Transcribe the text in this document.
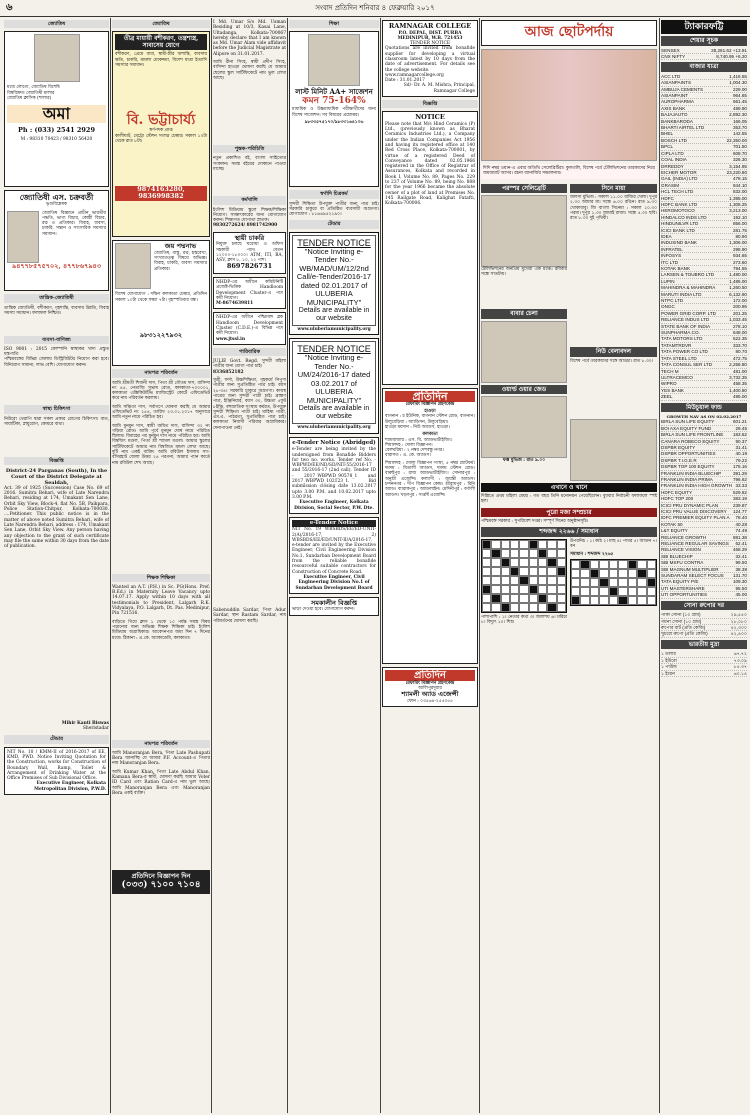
৬	সংবাদ প্রতিদিন শনিবার ৪ ফেব্রুয়ারি ২০১৭
জ্যোতিষ
মধ্যে লোগো, জ্যোতিষ বিশেষি
বিশ্ববিশ্রুত জ্যোতিষী মালার
জ্যোতিষ ক্লাসিক (শালার)
অমা
Ph : (033) 2541 2929
M : 98310 70423 / 98310 56420
জ্যোতিষী এস. চক্রবর্তী
ভৃগুবিশ্লেষক

জ্যোতিষ বিজ্ঞানে প্রাচীন ভারতীয় পদ্ধতি, ভাগ্য বিচার, কোষ্ঠী বিচার, রত্ন ও প্রতিকার। বিবাহ, ব্যবসা, চাকরি, সন্তান ও সাংসারিক সমস্যার সমাধান।

৯৪৭৭৮৫৭৫৭০২, ৪৭৭৮৬৭৯৪৩
তান্ত্রিক-জ্যোতিষী

তান্ত্রিক জ্যোতিষী, বশীকরণ, গৃহশান্তি, ব্যবসায় উন্নতি, বিবাহ সমস্যা সমাধান। ফলাফল নিশ্চিত।

ব্যবসা-বাণিজ্য

ISO 9001 : 2015 কোম্পানি স্বাস্থ্যকর খাদ্য প্রস্তুত যন্ত্রপাতি

পশ্চিমবঙ্গের বিভিন্ন জেলায় ডিস্ট্রিবিউটর নিয়োগ করা হবে। বিনিয়োগ সামান্য, লাভ বেশি। যোগাযোগ করুন।

স্বাস্থ্য চিকিৎসা

নিউরো থেরাপি দ্বারা সকল প্রকার রোগের চিকিৎসা। বাত, সায়াটিকা, স্নায়ুরোগ, কোমরে ব্যথা।

বিজ্ঞপ্তি
District-24 Parganas (South), In the Court of the District Delegate at Sealdah,

Act. 39 of 1925 (Succession) Case No. 69 of 2016. Sumitra Behari, wife of Late Narendra Behari, residing at 174, Umakant Sen Lane, Orbit Sky View, Block-4, flat No. 5B, Paikpara, Police Station-Chitpur, Kolkata-700030. ....Petitioner. This public notice is in the matter of above noted Sumitra Behari, wife of Late Narendra Behari, address : 174, Umakant Sen Lane, Orbit Sky View. Any person having any objection to the grant of such certificate may file the same within 30 days from the date of publication.

Mihir Kanti Biswas
Sheristadar
টেন্ডার

NIT No. 10 / KMM-II of 2016-2017 of EE, KMD, PWD. Notice Inviting Quotation for the Construction, works for Construction of Boundary Wall, Ramp, Toilet & Arrangement of Drinking Water at the Office Premises of Sub Divisional Office.

Executive Engineer, Kolkata Metropolitan Division, P.W.D.
জ্যোতিষ
তীব্র মায়ায়ী বশীকরণ, তন্ত্রশাস্ত্র, সাবাসেয় যোগে

বশীকরণ, প্রেমে বাধা, স্বামী-স্ত্রীর অশান্তি, ব্যবসায় ক্ষতি, চাকরি, মামলা মোকদ্দমা, বিদেশ যাত্রা ইত্যাদি সমস্যার সমাধান।

বি. ভট্টাচার্য্য
স্বর্ণপদক প্রাপ্ত

কালীঘাট, মেট্রো স্টেশন সংলগ্ন চেম্বার। সকাল ১০টা থেকে রাত ৮টা।

9874163280, 9836998382
জয় পদ্মনাভ

জ্যোতিষ, বাস্তু, রত্ন, হস্তরেখা, সংখ্যাতত্ত্ব বিষয়ে অভিজ্ঞ। বিবাহ, চাকরি, ব্যবসা সমস্যার প্রতিকার।

বিশেষ যোগাযোগ : দক্ষিণ কলকাতা চেম্বার, প্রতিদিন সকাল ১০টা থেকে সন্ধ্যা ৭টা। বৃহস্পতিবার বন্ধ।

৯৮৩১২২৭৯৩২
নামপত্র পরিবর্তন

আমি শ্রীমতী শিবানী দাস, পিতা শ্রী গৌতম দাস, বাসিন্দা নং ৪৫, নেতাজি সুভাষ রোড, কলকাতা-৭০০০০১, কলকাতা এক্সিকিউটিভ ম্যাজিস্ট্রেট কোর্টে এফিডেভিট করে নাম পরিবর্তন করলাম।

আমি সঞ্চিতা দাস, সর্বাগণে ঘোষণা করছি যে আমার এফিডেভিট নং ২৫৪, তারিখ ২৩.০১.২০১৭ অনুসারে আমি নতুন নামে পরিচিত হব।

আমি মুনমুন দাস, স্বামী অমিত দাস, বাসিন্দা ৩২ নং গড়িয়া রোড। আমি পূর্বে মুনমুন ঘোষ নামে পরিচিত ছিলাম। বিবাহের পর মুনমুন দাস নামে পরিচিত হব। আমি বিশ্বজিৎ মণ্ডল, পিতা শ্রী শ্যামল মণ্ডল। আমার স্কুলের সার্টিফিকেটে আমার নাম বিশ্বজিত মন্ডল লেখা আছে। দুটি নাম একই ব্যক্তি। আমি রবিউল ইসলাম সাং- বসিরহাট জেলা উত্তর ২৪ পরগনা, আমার প্যান কার্ডে নাম রবিউল শেখ আছে।

শিক্ষক শিক্ষিকা

Wanted an A.T. (P.H.) in Sc. PG(Hons. Pref. B.Ed.) in Maternity Leave Vacancy upto 14.07.17. Apply within 10 days with all testimonials to President, Lalgarh R.K. Vidyalaya, P.O. Lalgarh, Dt. Pas. Medinipur, Pin 721516.

বাড়িতে গিয়ে ক্লাস ১ থেকে ১০ পর্যন্ত সমস্ত বিষয় পড়ানোর জন্য অভিজ্ঞ শিক্ষক শিক্ষিকা চাই। ইংলিশ মিডিয়াম অগ্রাধিকার। আবেদনপত্র জমা দিন ৭ দিনের মধ্যে। ঠিকানা : এ.কে. অ্যাকাডেমি, কলকাতা।

নামপত্র পরিবর্তন

আমি Manoranjan Bera, পিতা Late Pashupati Bera জানাচ্ছি যে আমার P.F. Account-এ পিতার নাম Manoranjan Bera.

আমি Kumar Khan, পিতা Late Abdul Khan, Kamana Bera-র স্বামী, ঘোষণা করছি আমার Voter ID Card এবং Ration Card-এ নাম ভুল আছে। আমি Manoranjan Bera এবং Manoranjan Bera একই ব্যক্তি।

প্রতিদিনে বিজ্ঞাপন দিন
(০৩৩) ৭১০০ ৭১০৪

I Md. Umar S/o Md. Usman Residing at 10/3, Kasai Lane, Ultadanga, Kolkata-700067 hereby declare that I am known as Md. Umar Alam vide affidavit before the Judicial Magistrate at Alipore on 31.01.2017.

আমি রীনা সিংহ, স্বামী প্রদীপ সিংহ, বাসিন্দা হাওড়া ঘোষণা করছি যে আমার ছেলের স্কুল সার্টিফিকেটে নাম ভুল লেখা আছে।

পুস্তক-পরিচিতি

নতুন প্রকাশিত বই, বাংলা সাহিত্যের সংকলন। সমস্ত বইয়ের দোকানে পাওয়া যাচ্ছে।

কর্মখালি

ইংলিশ মিডিয়াম স্কুলে শিক্ষক/শিক্ষিকা নিয়োগ। সাক্ষাৎকারের জন্য যোগাযোগ করুন। শিক্ষাগত যোগ্যতা স্নাতক।

9830272624/ 8981742900
স্থায়ী চাকরি

নিযুক্ত চলছে ঘরোয়া ও অফিস সহকারী পদে। বেতন ১২০০০-১৮০০০। ATM, ITI, BA, ASV, ক্লাস ৮, ১০, ১২ পাশ।

8697826731

NHDP-এর অধীনে কমিউনিটি প্রজেক্ট-ভিত্তিক Handloom Development Cluster-এ পদে কর্মী নিয়োগ।

M-8674639811

NHDP-এর অধীনে পশ্চিমবঙ্গ ব্লক Handloom Development Cluster (C.D.E.)-এ বিভিন্ন পদে কর্মী নিয়োগ।

www.jtssl.in
পারিবারিক

JULIE Govt. Regd. সুন্দরী মহিলা পাত্রীর জন্য যোগ্য পাত্র চাই।

8336852182

সুশ্রী, ফর্সা, উচ্চশিক্ষিতা, গৃহকর্মে নিপুণা পাত্রীর জন্য সুপ্রতিষ্ঠিত পাত্র চাই। বয়স ২৮-৩৪। সরকারি চাকুরে অগ্রগণ্য। কায়স্থ পাত্রের জন্য সুন্দরী পাত্রী চাই। ব্রাহ্মণ পাত্র, ইঞ্জিনিয়ার, বয়স ৩০, উচ্চতা ৫ফুট ৮ইঞ্চি, বহুজাতিক সংস্থায় কর্মরত, উপযুক্ত সুন্দরী শিক্ষিতা পাত্রী চাই। মাহিষ্য পাত্রী, এম.এ. পাঠরতা, সুপ্রতিষ্ঠিত পাত্র চাই। কলকাতা নিবাসী পরিবার অগ্রাধিকার। দেনাপাওনা নেই।

Sabenuddin Sardar, পিতা Adur Sardar, স্থান Rastam Sardar, নাম পরিবর্তনের ঘোষণা করছি।

শিক্ষা
লাস্ট মিনিট AA+ সাজেশন
কমন 75-164%

মাধ্যমিক ও উচ্চমাধ্যমিক পরীক্ষার্থীদের জন্য বিশেষ সাজেশন। সব বিষয়ের প্রশ্নোত্তর।

৯৮৩৩৫৭৫১৭০/৯৮৩৩১৬৪১০৬
স্বর্ণাদি চিত্রকর্ম

সুন্দরী শিক্ষিতা উপযুক্ত পাত্রীর জন্য পাত্র চাই। সরকারি চাকুরে বা প্রতিষ্ঠিত ব্যবসায়ী অগ্রগণ্য। যোগাযোগ : ৮১৬৬৯৫২১৯০।

টেন্ডার
TENDER NOTICE
"Notice Inviting e-Tender No.- WB/MAD/UM/12/2nd Call/e-Tender/2016-17 dated 02.01.2017 of ULUBERIA MUNICIPALITY"
Details are available in our website
www.uluberiamunicipality.org
TENDER NOTICE
"Notice Inviting e-Tender No.- UM/24/2016-17 dated 03.02.2017 of ULUBERIA MUNICIPALITY"
Details are available in our website
www.uluberiamunicipality.org
e-Tender Notice (Abridged)

e-Tender are being invited by the undersigned from Bonafide Bidders for two no. works. Tender ref No. - WBPWD/EE/ND/SD/NIT-55/2016-17 and 55/2016-17 (2nd call). Tender ID - 2017_WBPWD_90578_1 and 2017_WBPWD_102123_1. Bid submission closing date 13.02.2017 upto 3.00 P.M. and 10.02.2017 upto 3.00 P.M.

Executive Engineer, Kolkata Division, Social Sector, P.W. Dte.
e-Tender Notice

NIT No. 19 WBSBDS/EE/ED-UNIT-2(A)/2016-17, 2) WBSBDS/EE/ED/UNIT-II/A/2016-17. e-tender are invited by the Executive Engineer, Civil Engineering Division No.1, Sundarban Development Board from the reliable bonafide resourceful suitable contractors for Construction of Concrete Road.

Executive Engineer, Civil Engineering Division No.1 of Sundarban Development Board
সমকালীন বিজ্ঞপ্তি

ভাড়া দেওয়া হবে। যোগাযোগ করুন।

RAMNAGAR COLLEGE
P.O. DEPAL, DIST. PURBA MEDINIPUR, W.B. 721453
TENDER NOTICE

Quotations are invited from bonafide supplier for developing a virtual classroom latest by 10 days from the date of advertisement. For details see the college website.

www.ramnagarcollege.org
Date : 31.01.2017
Sd/- Dr. A. M. Mishra, Principal, Ramnagar College
বিজ্ঞপ্তি
NOTICE

Please note that M/s Hind Ceramics (P) Ltd., (previously known as Bharat Ceramics Industries Ltd.), a Company under the Indian Companies Act 1956 and having its registered office at 140 Red Cross Place, Kolkata-700001, by virtue of a registered Deed of Conveyance dated 02.05.1966 registered in the Office of Registrar of Assurances, Kolkata and recorded in Book I, Volume No. 89, Pages No. 229 to 237 of Volume No. 89, being No. 888 for the year 1966 became the absolute owner of a plot of land at Premises No. 145 Railgate Road, Kalighat Fatafti, Kolkata-700006.

প্রতিদিন
রেফারিং বিজ্ঞাপন গ্রহণকেন্দ্র
হাওড়া
বাগনান : চ ইউনিক, বাগনান স্টেশন রোড, বাগনান।
উলুবেড়িয়া : অ্যাডিসন, উলুবেড়িয়া।
হাওড়া ময়দান : নিউ অ্যাডস, হাওড়া।
কলকাতা
শ্যামবাজার : এস. বি. অ্যাডভার্টাইজিং।
শিয়ালদহ : দোলা বিজ্ঞাপন।
বেলঘরিয়া : ২ নম্বর দেশবন্ধু নগর।
বারাসত : এ. কে. অ্যাডস।

শিয়ালদহ : দোলা বিজ্ঞাপন সংস্থা, ৫ নম্বর প্ল্যাটফর্ম। দমদম : মিতালী অ্যাডস, দমদম স্টেশন রোড। বারুইপুর : রাজ অ্যাডভার্টাইজিং। সোনারপুর : অনুশ্রী এজেন্সি। কল্যাণী : জয়ন্তী অ্যাডস। চন্দননগর : দীপ বিজ্ঞাপন কেন্দ্র। শ্রীরামপুর : রিনি অ্যাড। ব্যারাকপুর : অ্যাডলাইন। মেদিনীপুর : বর্ণালী অ্যাডস। খড়্গপুর : সপ্তর্ষি এজেন্সি।

প্রতিদিন
রেফারিং বিজ্ঞাপন গ্রহণকেন্দ্র
আলিপুরদুয়ার
শ্যামলী অ্যাড এজেন্সী
ফোন : ০৩৫৬৪-২৫৫০৫৫
আজ ছোটপর্দায়

দিদি নম্বর ওয়ান-এ এবার অতিথি সেলেব্রিটিরা। কুলতলি, বিশেষ পর্বে টেলিভিশনের তারকাদের নিয়ে জমজমাট আসর। রচনা ব্যানার্জির সঞ্চালনায়।

পরস্পর সেলিব্রেটি

টেলিভিশনের জনপ্রিয় মুখেরা এক মঞ্চে। রবিবার সন্ধে সাতটায়।

বাবার চেলা
ওয়ার্ল্ড ওয়ার জেড
ফক্স মুভিজ : রাত ৯.০০
সিনে মায়া

জলসা মুভিজ : সকাল ১১.০০ বাজির খেলা। দুপুর ২.৩০ আমার মা। সন্ধে ৬.০০ রঙিন। রাত ৯.৩০ খোকাবাবু। জি বাংলা সিনেমা : সকাল ১০.৩০ পরমা। দুপুর ১.৩০ জামাই রাজা। সন্ধে ৫.৩০ ছবি। রাত ৮.৩০ দুই পৃথিবী।

নিউ বেলাবদল

বিশেষ পর্বে তারকাদের সঙ্গে আড্ডা। রাত ৮.৩০।

এখানে ও খানে

দিল্লিতে প্রথম মহিলা মেয়র : গত বছর তিনি মনোনয়ন পেয়েছিলেন। বুধবার নির্বাচনী ফলাফলে স্পষ্ট হল।

পুরো মজা সম্প্রচার

পশ্চিমবঙ্গ সরকার : সুপরিবেশ দপ্তর। সম্পূর্ণ দিনের অনুষ্ঠানসূচি।

শব্দজব্দ ২২৬৬ / সমাধান

পাশাপাশি : ১। নেতার কথা ৩। জলাশয় ৬। মরিচা ৮। বিদ্যুৎ ১০। শিশু

উপরনিচ : ১। কাঠ ২। মাছ ৪। পাথর ৫। আগুন ৭। বন

সমাধান : শব্দজব্দ ২২৬৫
ট্যাকারফট্টি
শেয়ার সূচক
SENSEX	28,261.62 +13.91
CNX NIFTY	8,740.95 +6.20
বাজার যাত্রা
ACC LTD	1,416.55
ASIANPAINTS	1,004.30
AMBUJA CEMENTS	229.00
ASIANPAINT	964.65
AUROPHARMA	661.45
AXIS BANK	489.90
BAJAJAUTO	2,892.30
BANKBARODA	166.05
BHARTI AIRTEL LTD	353.70
BHEL	142.55
BOSCH LTD	22,350.00
BPCL	701.50
CIPLA LTD	608.70
COAL INDIA	326.30
DRREDDY	3,154.95
EICHER MOTOR	23,220.80
GAIL (INDIA) LTD	478.15
GRASIM	944.10
HCL TECH LTD	832.00
HDFC	1,395.00
HDFC BANK LTD	1,308.25
HEROMOTOCO	3,213.00
HINDALCO INDS LTD	192.10
HINDUNILVR LTD	856.00
ICICI BANK LTD	281.75
IDEA	80.90
INDUSIND BANK	1,306.00
INFRATEL	298.90
INFOSYS	934.65
ITC LTD	273.60
KOTAK BANK	794.55
LARSEN & TOUBRO LTD	1,480.00
LUPIN	1,485.00
MAHINDRA & MAHINDRA	1,260.50
MARUTI INDIA LTD	6,132.90
NTPC LTD	172.00
ONGC	200.95
POWER GRID CORP. LTD	201.25
RELIANCE INDUS LTD	1,033.45
STATE BANK OF INDIA	278.10
SUNPHARMA.CO.	648.00
TATA MOTORS LTD	522.35
TATAMTRDVR	333.70
TATA POWER CO LTD	80.70
TATA STEEL LTD	472.75
TATA CONSUL SER LTD	2,258.80
TECH M	481.00
ULTRACEMCO	3,732.35
WIPRO	458.35
YES BANK	1,400.80
ZEEL	495.00
মিউচুয়াল ফান্ড
GROWTH NAV AS ON 02.02.2017
BIRLA SUN LIFE EQUITY	601.21
BOI AXA EQUITY FUND	29.45
BIRLA SUN LIFE FRONTLINE 183.52
CANARA ROBECO EQUITY	90.37
DSPBR EQUITY	31.41
DSPBR OPPORTUNITIES	40.19
DSPBR T.I.G.E.R	79.22
DSPBR TOP 100 EQUITY	175.16
FRANKLIN INDIA BLUECHIP	391.29
FRANKLIN INDIA PRIMA	796.62
FRANKLIN INDIA HIGH GROWTH 33.33
HDFC EQUITY	529.62
HDFC TOP 200	383.19
ICICI PRU DYNAMIC PLAN	239.87
ICICI PRU VALUE DISCOVERY 124.77
IDFC PREMIER EQUITY PLAN A 78.40
KOTAK 50	40.28
L&T EQUITY	74.49
RELIANCE GROWTH	881.38
RELIANCE REGULAR SAVINGS 62.41
RELIANCE VISION	468.29
SBI BLUECHIP	32.41
SBI MSFU CONTRA	99.50
SBI MAGNUM MULTIPLIER	38.38
SUNDARAM SELECT FOCUS 131.70
TATA EQUITY P/E	109.30
UTI MASTERSHARE	95.50
UTI OPPORTUNITIES	45.00
সোনা রুপোর দর
পাকা সোনা (১০ গ্রাম)	২৯,৫৫০
গয়না সোনা (১০ গ্রাম)	২৮,০৮০
রুপোর বাট (প্রতি কেজি)	৪২,৩০০
খুচরো রুপো (প্রতি কেজি)	৪২,৪০০
ভারতীয় মুদ্রা
১ ডলার	৬৭.৭২
১ ইউরো	৭৩.০৯
১ পাউন্ড	৮৫.৩৭
১ ইয়েন	৬০.১৪
